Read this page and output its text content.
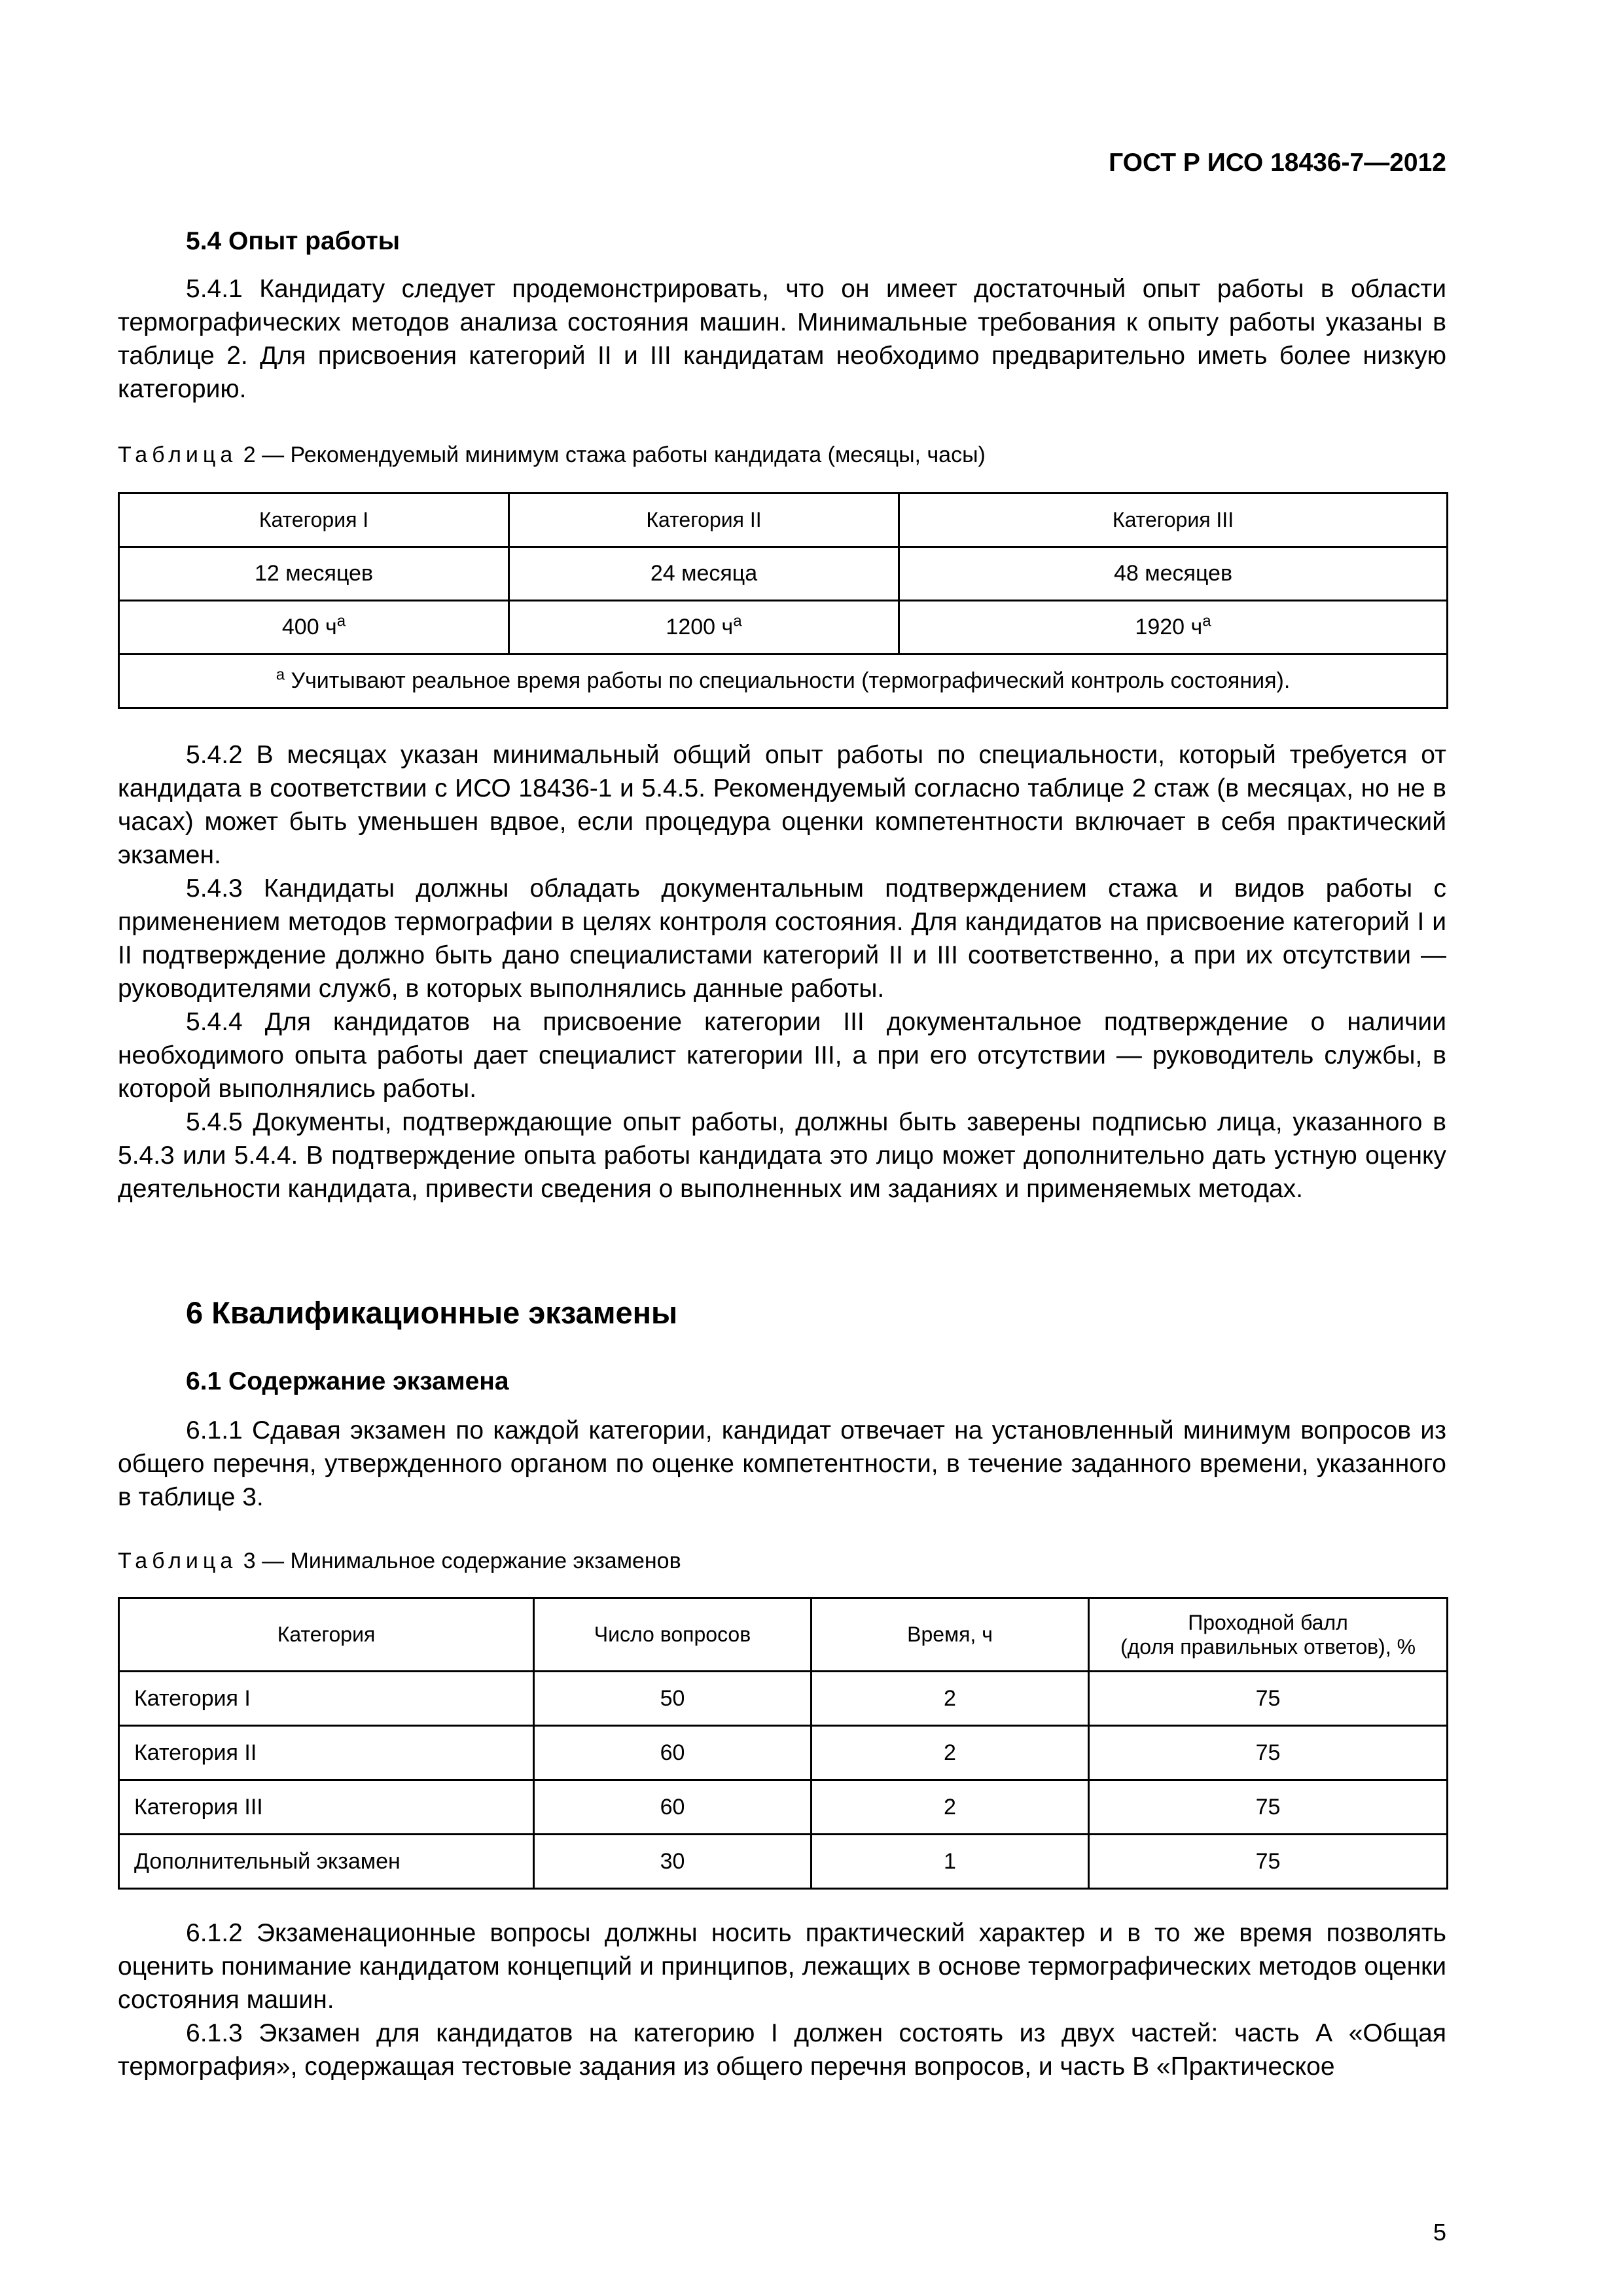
ГОСТ Р ИСО 18436-7—2012
5.4 Опыт работы

5.4.1 Кандидату следует продемонстрировать, что он имеет достаточный опыт работы в области термографических методов анализа состояния машин. Минимальные требования к опыту работы указаны в таблице 2. Для присвоения категорий II и III кандидатам необходимо предварительно иметь более низкую категорию.

Таблица 2 — Рекомендуемый минимум стажа работы кандидата (месяцы, часы)

Категория I	Категория II	Категория III
12 месяцев	24 месяца	48 месяцев
400 $ч^а$	1200 $ч^а$	1920 $ч^а$
$^а$ Учитывают реальное время работы по специальности (термографический контроль состояния).		

5.4.2 В месяцах указан минимальный общий опыт работы по специальности, который требуется от кандидата в соответствии с ИСО 18436-1 и 5.4.5. Рекомендуемый согласно таблице 2 стаж (в месяцах, но не в часах) может быть уменьшен вдвое, если процедура оценки компетентности включает в себя практический экзамен.

5.4.3 Кандидаты должны обладать документальным подтверждением стажа и видов работы с применением методов термографии в целях контроля состояния. Для кандидатов на присвоение категорий I и II подтверждение должно быть дано специалистами категорий II и III соответственно, а при их отсутствии — руководителями служб, в которых выполнялись данные работы.

5.4.4 Для кандидатов на присвоение категории III документальное подтверждение о наличии необходимого опыта работы дает специалист категории III, а при его отсутствии — руководитель службы, в которой выполнялись работы.

5.4.5 Документы, подтверждающие опыт работы, должны быть заверены подписью лица, указанного в 5.4.3 или 5.4.4. В подтверждение опыта работы кандидата это лицо может дополнительно дать устную оценку деятельности кандидата, привести сведения о выполненных им заданиях и применяемых методах.

6 Квалификационные экзамены
6.1 Содержание экзамена

6.1.1 Сдавая экзамен по каждой категории, кандидат отвечает на установленный минимум вопросов из общего перечня, утвержденного органом по оценке компетентности, в течение заданного времени, указанного в таблице 3.

Таблица 3 — Минимальное содержание экзаменов

Категория	Число вопросов	Время, ч	Проходной балл
(доля правильных ответов), %
Категория I	50	2	75
Категория II	60	2	75
Категория III	60	2	75
Дополнительный экзамен	30	1	75

6.1.2 Экзаменационные вопросы должны носить практический характер и в то же время позволять оценить понимание кандидатом концепций и принципов, лежащих в основе термографических методов оценки состояния машин.

6.1.3 Экзамен для кандидатов на категорию I должен состоять из двух частей: часть А «Общая термография», содержащая тестовые задания из общего перечня вопросов, и часть В «Практическое

5
